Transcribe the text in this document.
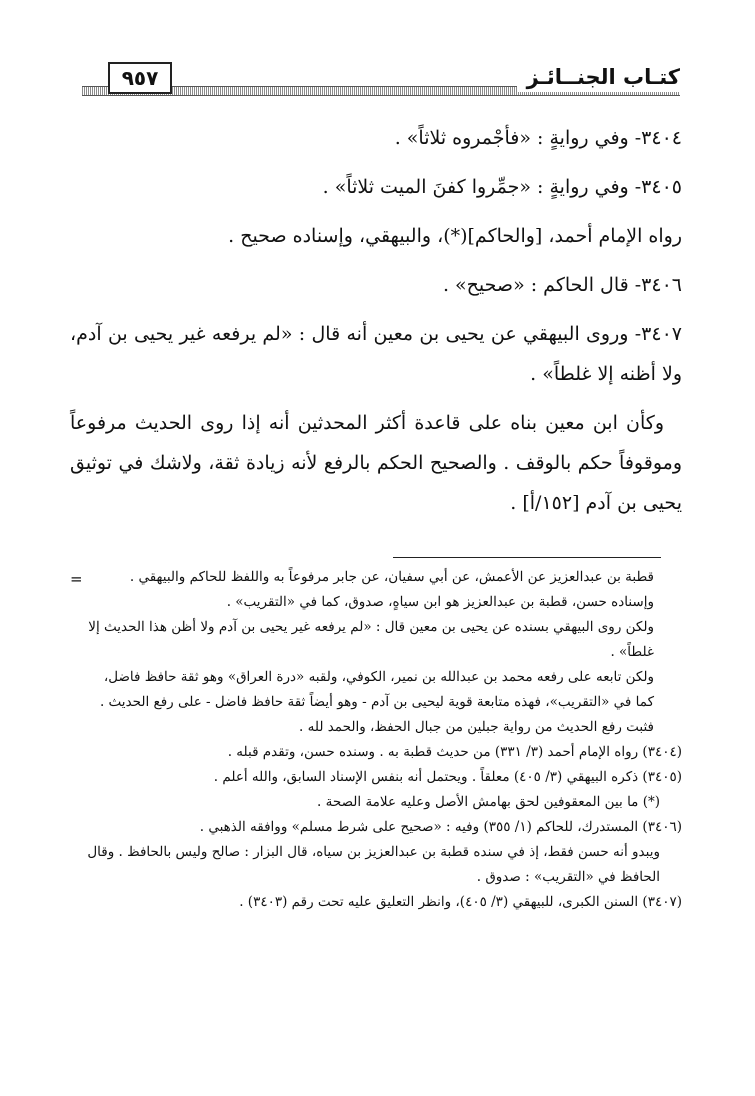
كتـاب الجنــائـز
٩٥٧

٣٤٠٤- وفي روايةٍ : «فأجْمروه ثلاثاً» .

٣٤٠٥- وفي روايةٍ : «جمِّروا كفنَ الميت ثلاثاً» .

رواه الإمام أحمد، [والحاكم](*)، والبيهقي، وإسناده صحيح .

٣٤٠٦- قال الحاكم : «صحيح» .

٣٤٠٧- وروى البيهقي عن يحيى بن معين أنه قال : «لم يرفعه غير يحيى بن آدم، ولا أظنه إلا غلطاً» .

وكأن ابن معين بناه على قاعدة أكثر المحدثين أنه إذا روى الحديث مرفوعاً وموقوفاً حكم بالوقف . والصحيح الحكم بالرفع لأنه زيادة ثقة، ولاشك في توثيق يحيى بن آدم [١٥٢/أ] .

=	قطبة بن عبدالعزيز عن الأعمش، عن أبي سفيان، عن جابر مرفوعاً به واللفظ للحاكم والبيهقي .

وإسناده حسن، قطبة بن عبدالعزيز هو ابن سياهٍ، صدوق، كما في «التقريب» .

ولكن روى البيهقي بسنده عن يحيى بن معين قال : «لم يرفعه غير يحيى بن آدم ولا أظن هذا الحديث إلا غلطاً» .

ولكن تابعه على رفعه محمد بن عبدالله بن نمير، الكوفي، ولقبه «درة العراق» وهو ثقة حافظ فاضل، كما في «التقريب»، فهذه متابعة قوية ليحيى بن آدم - وهو أيضاً ثقة حافظ فاضل - على رفع الحديث . فثبت رفع الحديث من رواية جبلين من جبال الحفظ، والحمد لله .

(٣٤٠٤) رواه الإمام أحمد (٣/ ٣٣١) من حديث قطبة به . وسنده حسن، وتقدم قبله .

(٣٤٠٥) ذكره البيهقي (٣/ ٤٠٥) معلقاً . ويحتمل أنه بنفس الإسناد السابق، والله أعلم .

(*) ما بين المعقوفين لحق بهامش الأصل وعليه علامة الصحة .

(٣٤٠٦) المستدرك، للحاكم (١/ ٣٥٥) وفيه : «صحيح على شرط مسلم» ووافقه الذهبي .

ويبدو أنه حسن فقط، إذ في سنده قطبة بن عبدالعزيز بن سياه، قال البزار : صالح وليس بالحافظ . وقال الحافظ في «التقريب» : صدوق .

(٣٤٠٧) السنن الكبرى، للبيهقي (٣/ ٤٠٥)، وانظر التعليق عليه تحت رقم (٣٤٠٣) .
